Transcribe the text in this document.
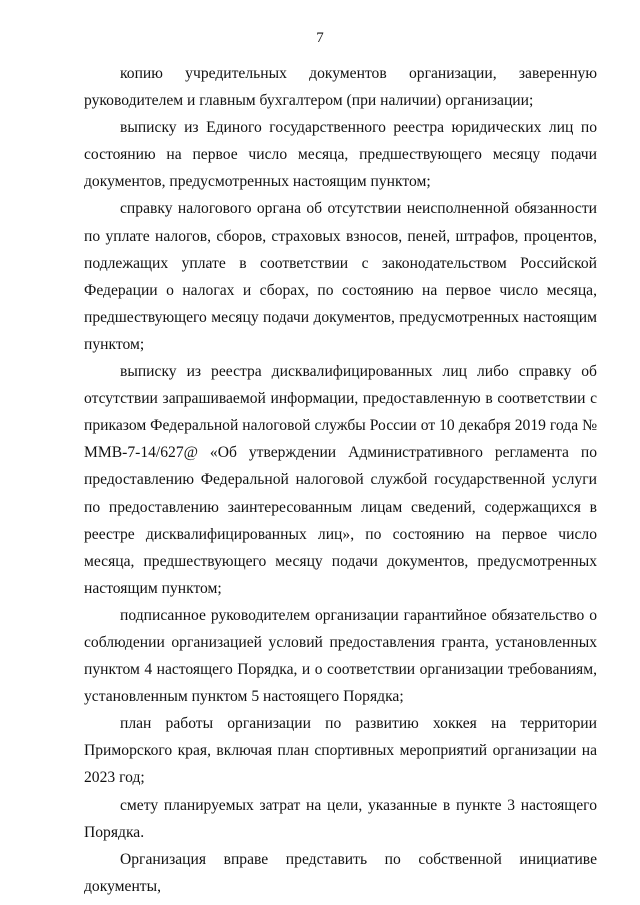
7

копию учредительных документов организации, заверенную руководителем и главным бухгалтером (при наличии) организации;

выписку из Единого государственного реестра юридических лиц по состоянию на первое число месяца, предшествующего месяцу подачи документов, предусмотренных настоящим пунктом;

справку налогового органа об отсутствии неисполненной обязанности по уплате налогов, сборов, страховых взносов, пеней, штрафов, процентов, подлежащих уплате в соответствии с законодательством Российской Федерации о налогах и сборах, по состоянию на первое число месяца, предшествующего месяцу подачи документов, предусмотренных настоящим пунктом;

выписку из реестра дисквалифицированных лиц либо справку об отсутствии запрашиваемой информации, предоставленную в соответствии с приказом Федеральной налоговой службы России от 10 декабря 2019 года № ММВ-7-14/627@ «Об утверждении Административного регламента по предоставлению Федеральной налоговой службой государственной услуги по предоставлению заинтересованным лицам сведений, содержащихся в реестре дисквалифицированных лиц», по состоянию на первое число месяца, предшествующего месяцу подачи документов, предусмотренных настоящим пунктом;

подписанное руководителем организации гарантийное обязательство о соблюдении организацией условий предоставления гранта, установленных пунктом 4 настоящего Порядка, и о соответствии организации требованиям, установленным пунктом 5 настоящего Порядка;

план работы организации по развитию хоккея на территории Приморского края, включая план спортивных мероприятий организации на 2023 год;

смету планируемых затрат на цели, указанные в пункте 3 настоящего Порядка.

Организация вправе представить по собственной инициативе документы,
